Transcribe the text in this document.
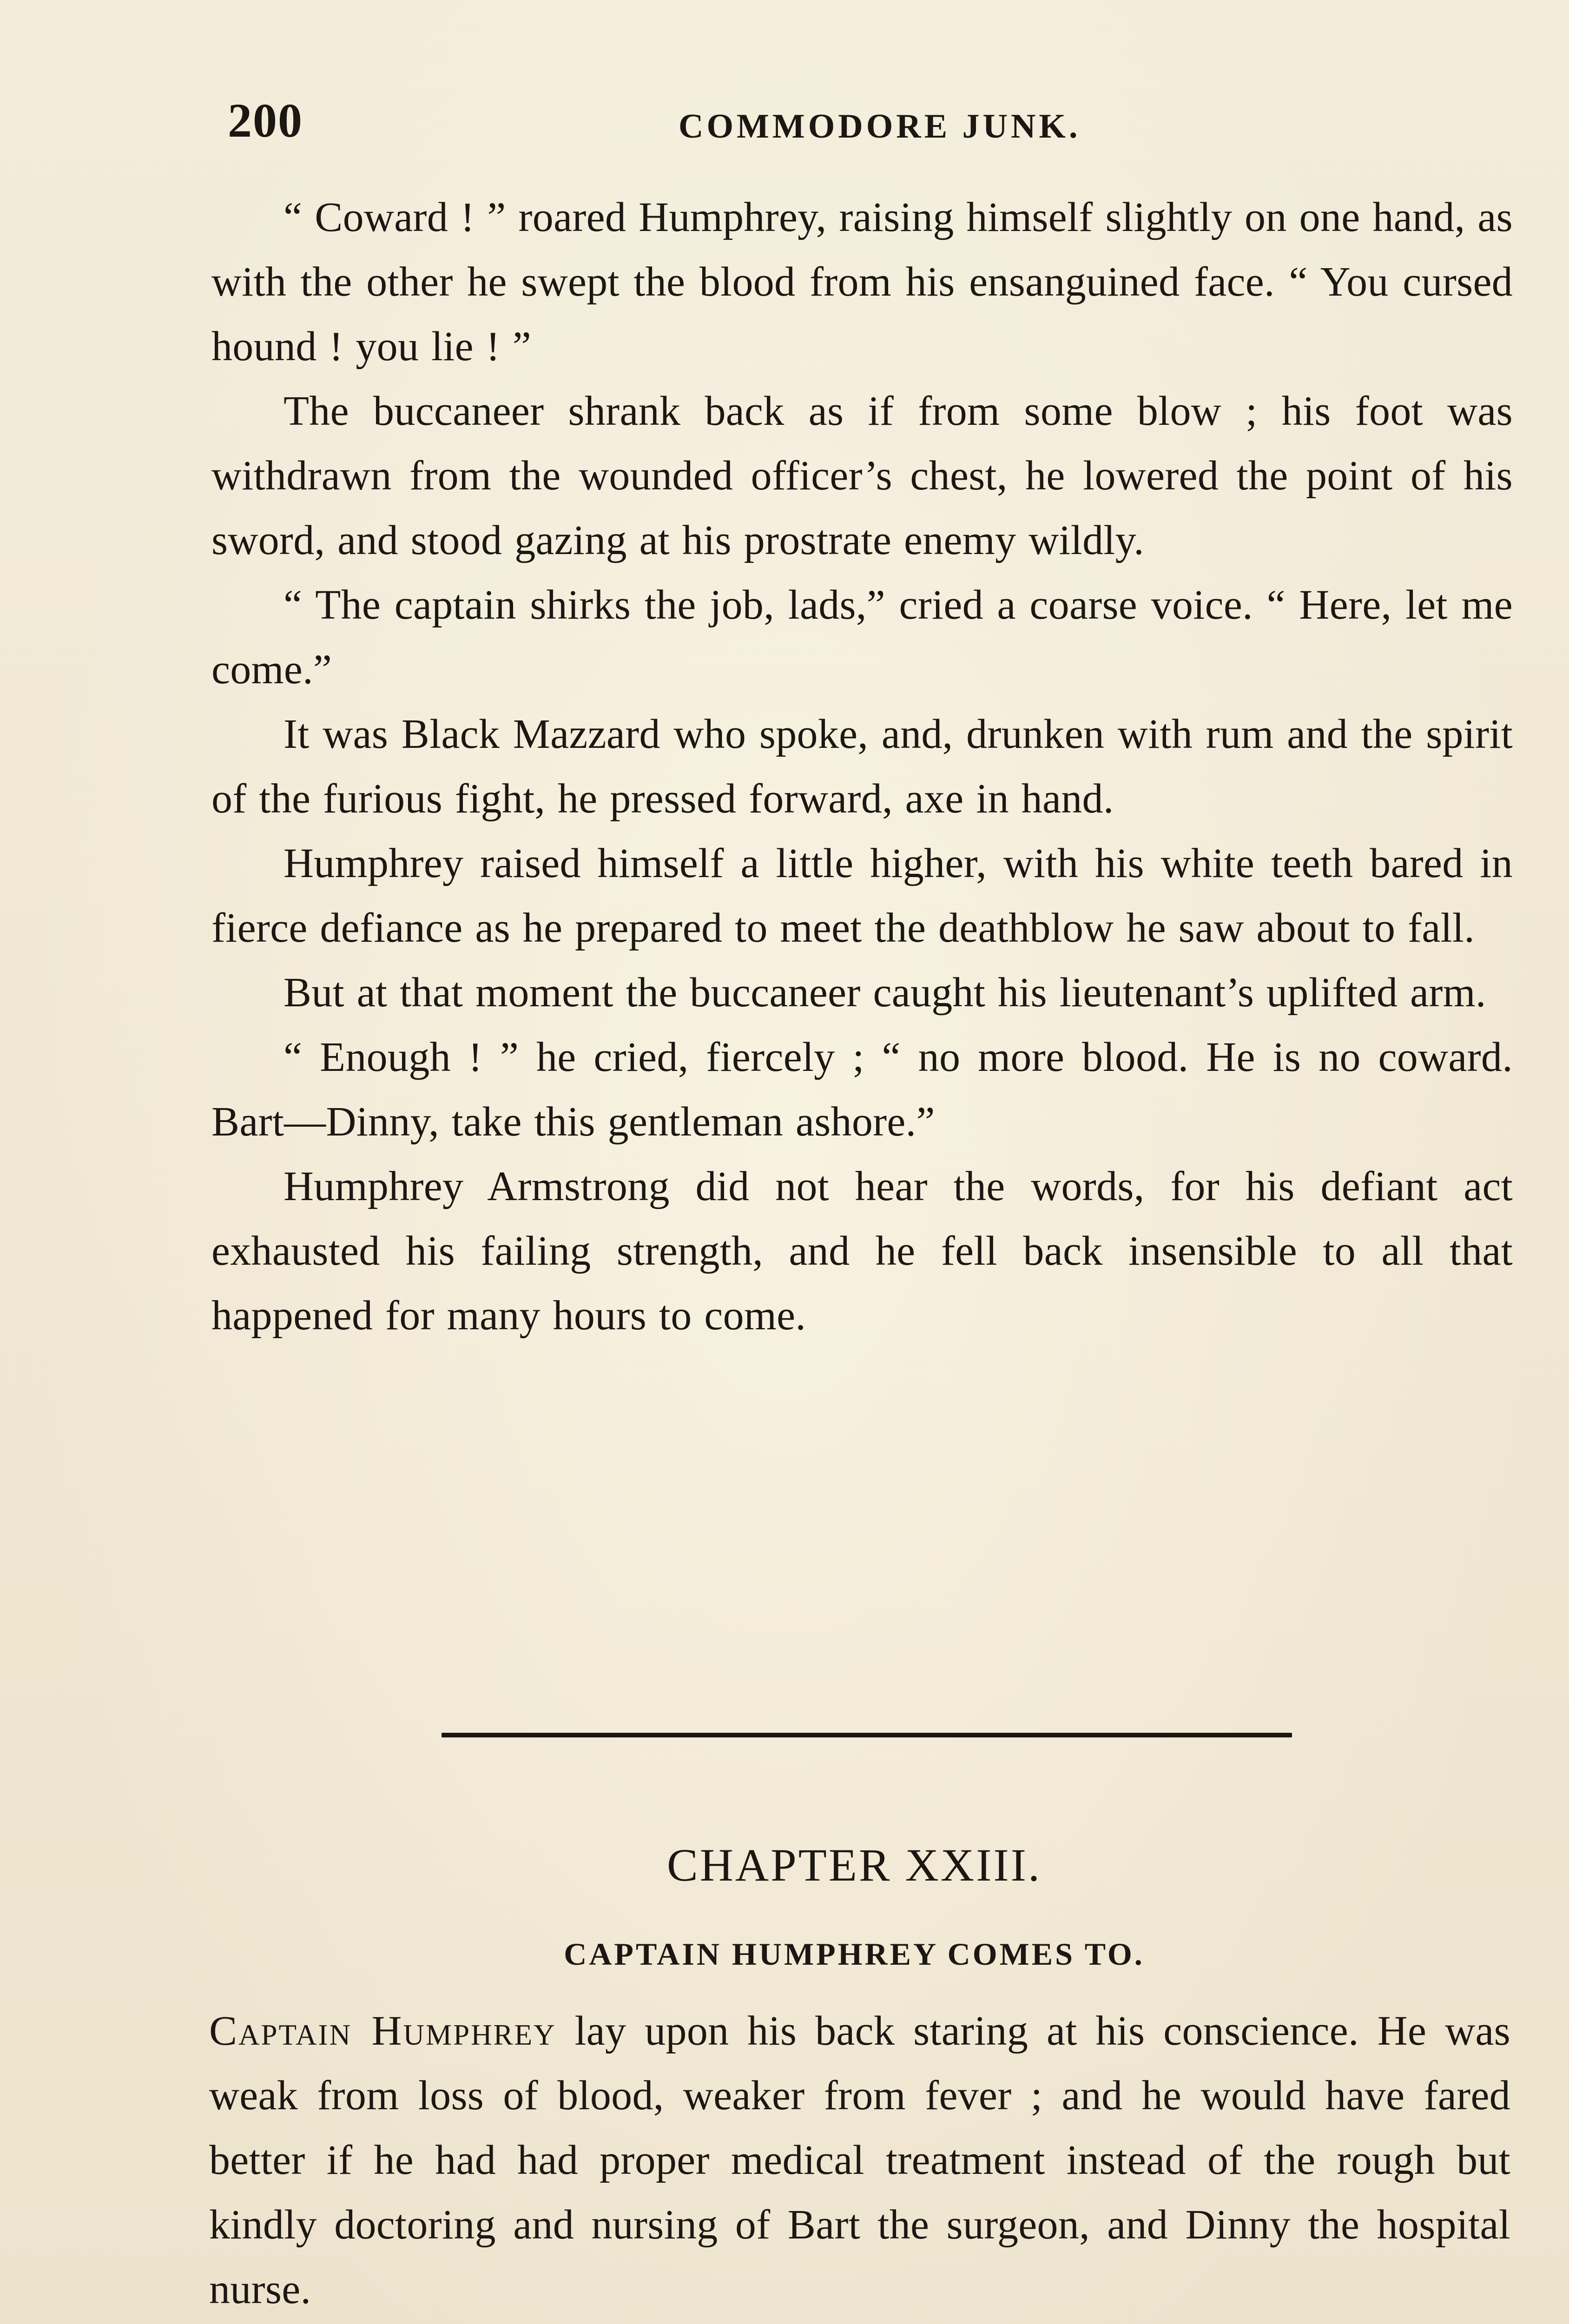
200	COMMODORE JUNK.

“ Coward ! ” roared Humphrey, raising himself slightly on one hand, as with the other he swept the blood from his ensanguined face. “ You cursed hound ! you lie ! ”

The buccaneer shrank back as if from some blow ; his foot was withdrawn from the wounded officer’s chest, he lowered the point of his sword, and stood gazing at his prostrate enemy wildly.

“ The captain shirks the job, lads,” cried a coarse voice. “ Here, let me come.”

It was Black Mazzard who spoke, and, drunken with rum and the spirit of the furious fight, he pressed forward, axe in hand.

Humphrey raised himself a little higher, with his white teeth bared in fierce defiance as he prepared to meet the deathblow he saw about to fall.

But at that moment the buccaneer caught his lieutenant’s uplifted arm.

“ Enough ! ” he cried, fiercely ; “ no more blood. He is no coward. Bart—Dinny, take this gentleman ashore.”

Humphrey Armstrong did not hear the words, for his defiant act exhausted his failing strength, and he fell back insensible to all that happened for many hours to come.

CHAPTER XXIII.
CAPTAIN HUMPHREY COMES TO.

Captain Humphrey lay upon his back staring at his conscience. He was weak from loss of blood, weaker from fever ; and he would have fared better if he had had proper medical treatment instead of the rough but kindly doctoring and nursing of Bart the surgeon, and Dinny the hospital nurse.
